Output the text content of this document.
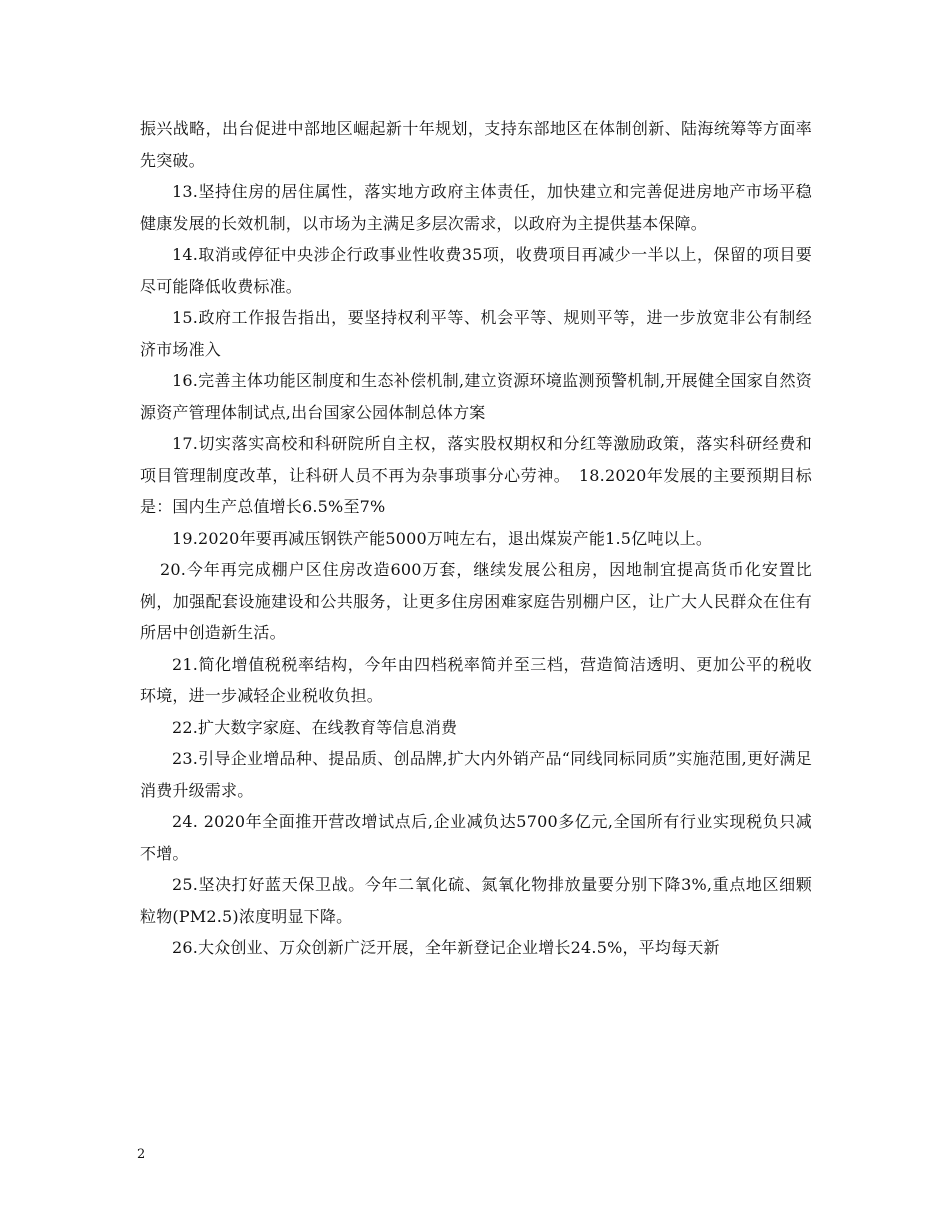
振兴战略，出台促进中部地区崛起新十年规划，支持东部地区在体制创新、陆海统筹等方面率先突破。

13.坚持住房的居住属性，落实地方政府主体责任，加快建立和完善促进房地产市场平稳健康发展的长效机制，以市场为主满足多层次需求，以政府为主提供基本保障。

14.取消或停征中央涉企行政事业性收费35项，收费项目再减少一半以上，保留的项目要尽可能降低收费标准。

15.政府工作报告指出，要坚持权利平等、机会平等、规则平等，进一步放宽非公有制经济市场准入

16.完善主体功能区制度和生态补偿机制,建立资源环境监测预警机制,开展健全国家自然资源资产管理体制试点,出台国家公园体制总体方案

17.切实落实高校和科研院所自主权，落实股权期权和分红等激励政策，落实科研经费和项目管理制度改革，让科研人员不再为杂事琐事分心劳神。　18.2020年发展的主要预期目标是：国内生产总值增长6.5%至7%

19.2020年要再减压钢铁产能5000万吨左右，退出煤炭产能1.5亿吨以上。

20.今年再完成棚户区住房改造600万套，继续发展公租房，因地制宜提高货币化安置比例，加强配套设施建设和公共服务，让更多住房困难家庭告别棚户区，让广大人民群众在住有所居中创造新生活。

21.简化增值税税率结构，今年由四档税率简并至三档，营造简洁透明、更加公平的税收环境，进一步减轻企业税收负担。

22.扩大数字家庭、在线教育等信息消费

23.引导企业增品种、提品质、创品牌,扩大内外销产品“同线同标同质”实施范围,更好满足消费升级需求。

24. 2020年全面推开营改增试点后,企业减负达5700多亿元,全国所有行业实现税负只减不增。

25.坚决打好蓝天保卫战。今年二氧化硫、氮氧化物排放量要分别下降3%,重点地区细颗粒物(PM2.5)浓度明显下降。

26.大众创业、万众创新广泛开展，全年新登记企业增长24.5%，平均每天新

2
